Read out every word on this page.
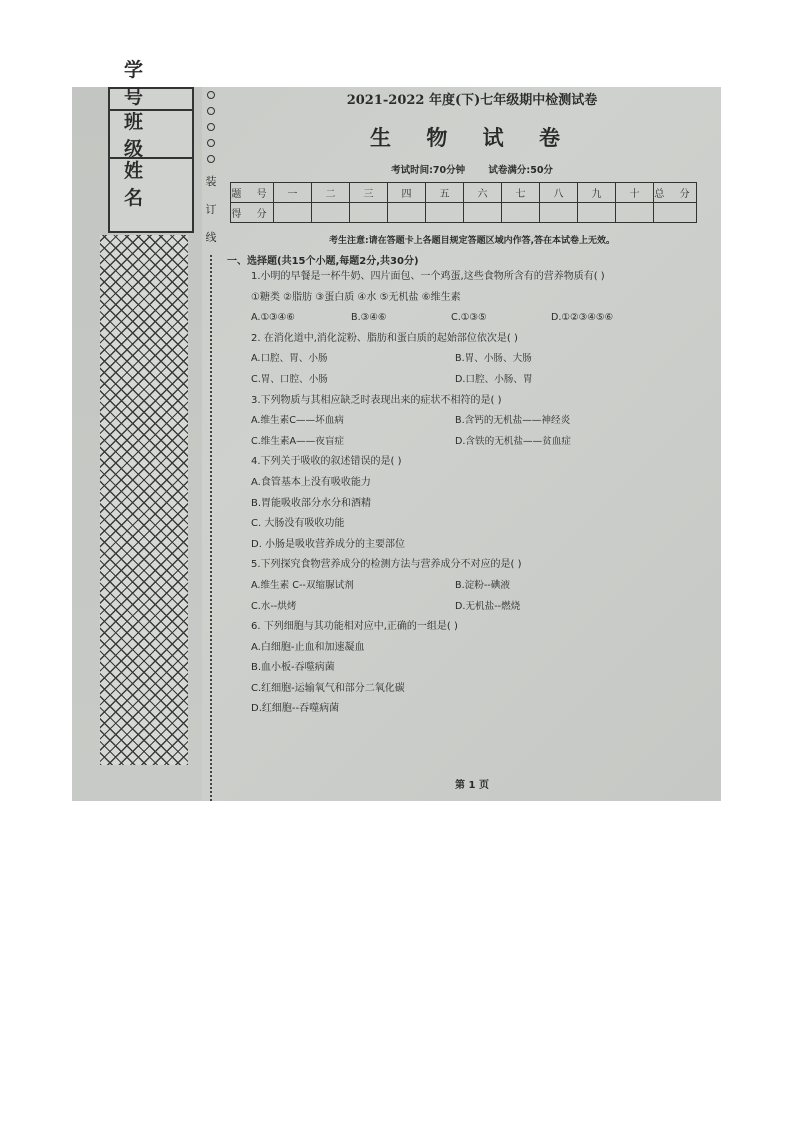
学 号
班 级
姓 名
装
订
线
2021-2022 年度(下)七年级期中检测试卷
生 物 试 卷
考试时间:70分钟 试卷满分:50分
题 号	一	二	三	四	五	六	七	八	九	十	总 分
得 分											
考生注意:请在答题卡上各题目规定答题区域内作答,答在本试卷上无效。
一、选择题(共15个小题,每题2分,共30分)
1.小明的早餐是一杯牛奶、四片面包、一个鸡蛋,这些食物所含有的营养物质有( )
①糖类 ②脂肪 ③蛋白质 ④水 ⑤无机盐 ⑥维生素
A.①③④⑥	B.③④⑥	C.①③⑤	D.①②③④⑤⑥
2. 在消化道中,消化淀粉、脂肪和蛋白质的起始部位依次是( )
A.口腔、胃、小肠	B.胃、小肠、大肠
C.胃、口腔、小肠	D.口腔、小肠、胃
3.下列物质与其相应缺乏时表现出来的症状不相符的是( )
A.维生素C——坏血病	B.含钙的无机盐——神经炎
C.维生素A——夜盲症	D.含铁的无机盐——贫血症
4.下列关于吸收的叙述错误的是( )
A.食管基本上没有吸收能力
B.胃能吸收部分水分和酒精
C. 大肠没有吸收功能
D. 小肠是吸收营养成分的主要部位
5.下列探究食物营养成分的检测方法与营养成分不对应的是( )
A.维生素 C--双缩脲试剂	B.淀粉--碘液
C.水--烘烤	D.无机盐--燃烧
6. 下列细胞与其功能相对应中,正确的一组是( )
A.白细胞-止血和加速凝血
B.血小板-吞噬病菌
C.红细胞-运输氧气和部分二氧化碳
D.红细胞--吞噬病菌
第 1 页
